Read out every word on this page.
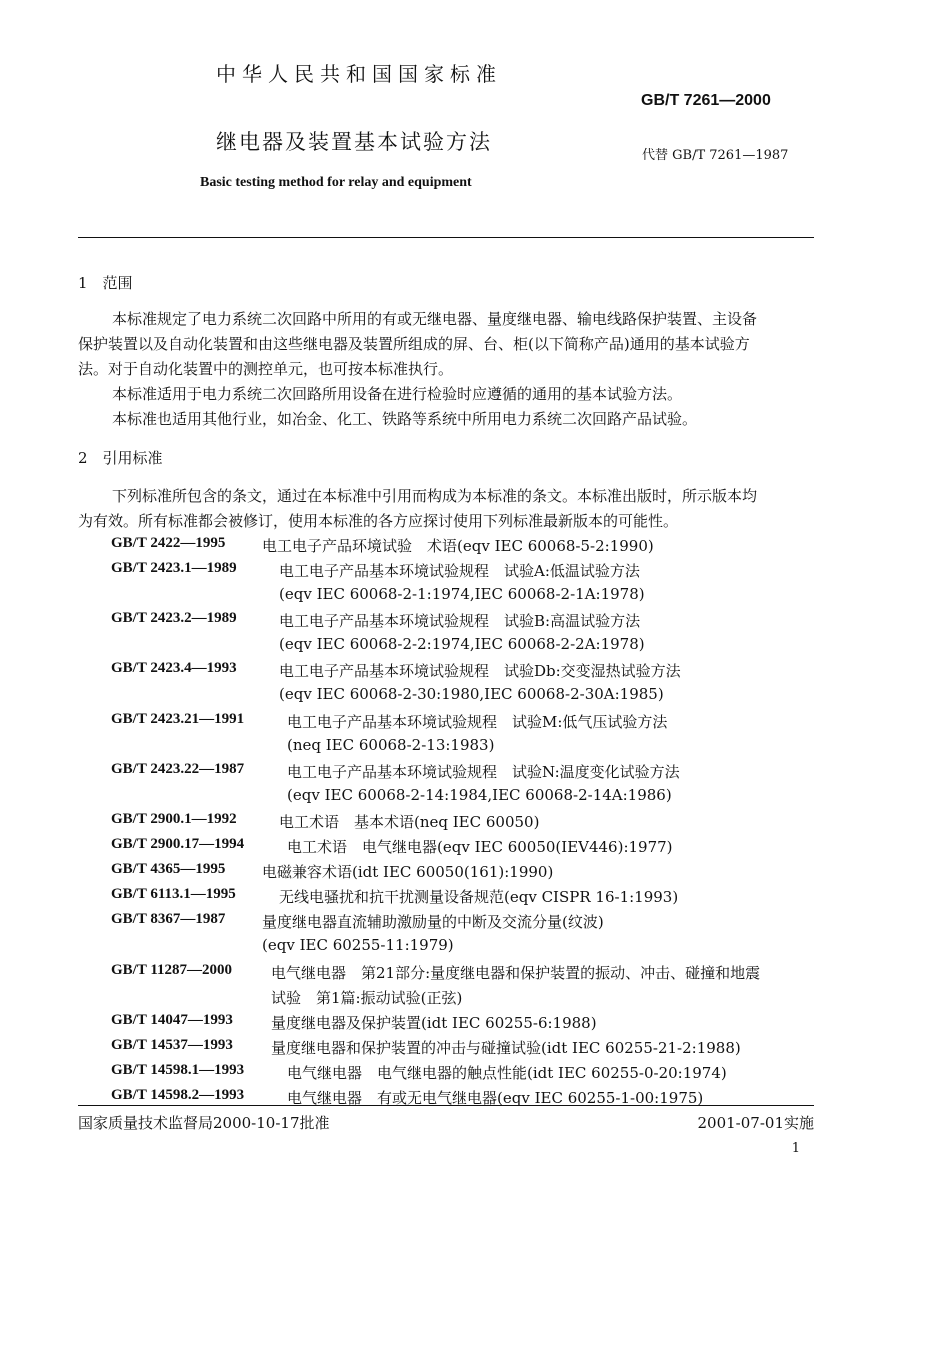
中华人民共和国国家标准
GB/T 7261—2000
继电器及装置基本试验方法
代替 GB/T 7261—1987
Basic testing method for relay and equipment
1　范围
本标准规定了电力系统二次回路中所用的有或无继电器、量度继电器、输电线路保护装置、主设备
保护装置以及自动化装置和由这些继电器及装置所组成的屏、台、柜(以下简称产品)通用的基本试验方
法。对于自动化装置中的测控单元，也可按本标准执行。
本标准适用于电力系统二次回路所用设备在进行检验时应遵循的通用的基本试验方法。
本标准也适用其他行业，如冶金、化工、铁路等系统中所用电力系统二次回路产品试验。
2　引用标准
下列标准所包含的条文，通过在本标准中引用而构成为本标准的条文。本标准出版时，所示版本均
为有效。所有标准都会被修订，使用本标准的各方应探讨使用下列标准最新版本的可能性。
GB/T 2422—1995 电工电子产品环境试验　术语(eqv IEC 60068-5-2:1990)
GB/T 2423.1—1989	电工电子产品基本环境试验规程　试验A:低温试验方法
(eqv IEC 60068-2-1:1974,IEC 60068-2-1A:1978)
GB/T 2423.2—1989	电工电子产品基本环境试验规程　试验B:高温试验方法
(eqv IEC 60068-2-2:1974,IEC 60068-2-2A:1978)
GB/T 2423.4—1993	电工电子产品基本环境试验规程　试验Db:交变湿热试验方法
(eqv IEC 60068-2-30:1980,IEC 60068-2-30A:1985)
GB/T 2423.21—1991	电工电子产品基本环境试验规程　试验M:低气压试验方法
(neq IEC 60068-2-13:1983)
GB/T 2423.22—1987	电工电子产品基本环境试验规程　试验N:温度变化试验方法
(eqv IEC 60068-2-14:1984,IEC 60068-2-14A:1986)
GB/T 2900.1—1992	电工术语　基本术语(neq IEC 60050)
GB/T 2900.17—1994	电工术语　电气继电器(eqv IEC 60050(IEV446):1977)
GB/T 4365—1995 电磁兼容术语(idt IEC 60050(161):1990)
GB/T 6113.1—1995	无线电骚扰和抗干扰测量设备规范(eqv CISPR 16-1:1993)
GB/T 8367—1987 量度继电器直流辅助激励量的中断及交流分量(纹波)
(eqv IEC 60255-11:1979)
GB/T 11287—2000	电气继电器　第21部分:量度继电器和保护装置的振动、冲击、碰撞和地震
试验　第1篇:振动试验(正弦)
GB/T 14047—1993	量度继电器及保护装置(idt IEC 60255-6:1988)
GB/T 14537—1993	量度继电器和保护装置的冲击与碰撞试验(idt IEC 60255-21-2:1988)
GB/T 14598.1—1993	电气继电器　电气继电器的触点性能(idt IEC 60255-0-20:1974)
GB/T 14598.2—1993	电气继电器　有或无电气继电器(eqv IEC 60255-1-00:1975)
国家质量技术监督局2000-10-17批准	2001-07-01实施
1
